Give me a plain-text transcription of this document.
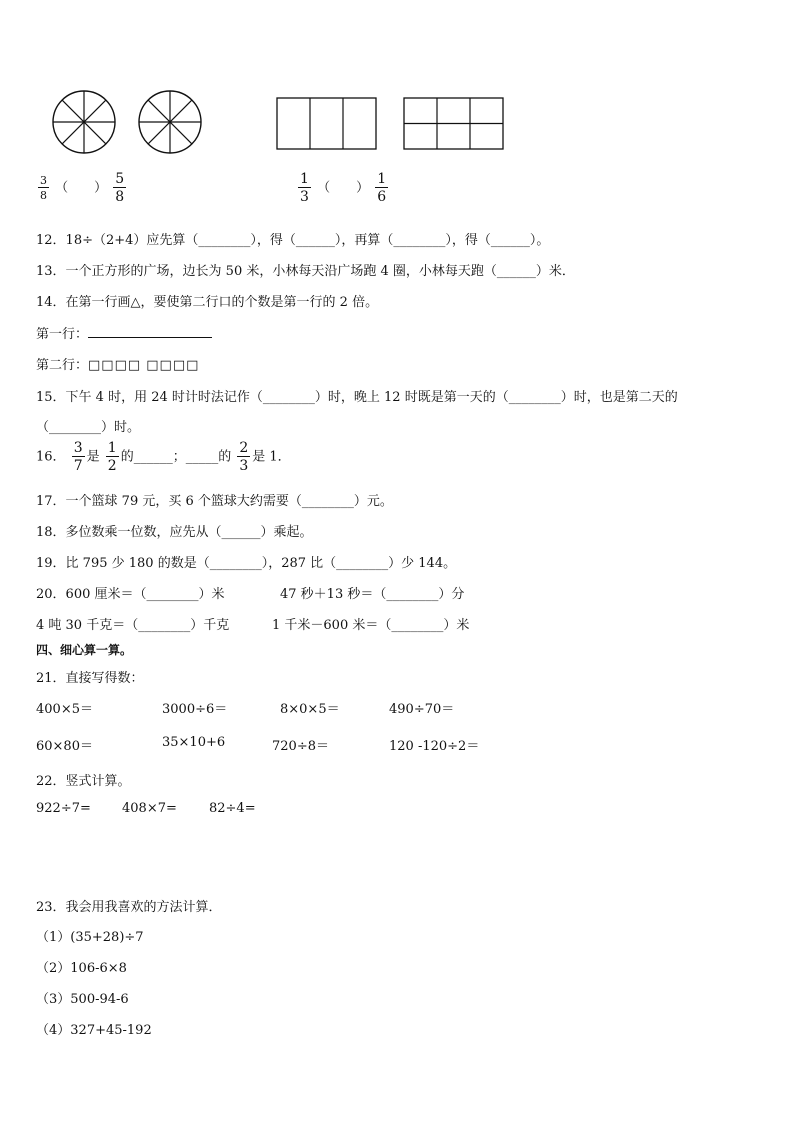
$\frac{3}{8}$ （　　） $\frac{5}{8}$	$\frac{1}{3}$ （　　） $\frac{1}{6}$
12．18÷（2+4）应先算（________），得（______），再算（________），得（______）。
13．一个正方形的广场，边长为 50 米，小林每天沿广场跑 4 圈，小林每天跑（______）米．
14．在第一行画△，要使第二行口的个数是第一行的 2 倍。
第一行：
第二行：□□□□ □□□□
15．下午 4 时，用 24 时计时法记作（________）时，晚上 12 时既是第一天的（________）时，也是第二天的
（________）时。
16． $\frac{3}{7}$ 是 $\frac{1}{2}$ 的______；_____的 $\frac{2}{3}$ 是 1．
17．一个篮球 79 元，买 6 个篮球大约需要（________）元。
18．多位数乘一位数，应先从（______）乘起。
19．比 795 少 180 的数是（________），287 比（________）少 144。
20．600 厘米＝（________）米	47 秒＋13 秒＝（________）分
4 吨 30 千克＝（________）千克	1 千米－600 米＝（________）米
四、细心算一算。
21．直接写得数：
400×5＝	3000÷6＝	8×0×5＝	490÷70＝
60×80＝	35×10+6	720÷8＝	120 -120÷2＝
22．竖式计算。
922÷7= 408×7= 82÷4=
23．我会用我喜欢的方法计算．
（1）(35+28)÷7
（2）106-6×8
（3）500-94-6
（4）327+45-192
